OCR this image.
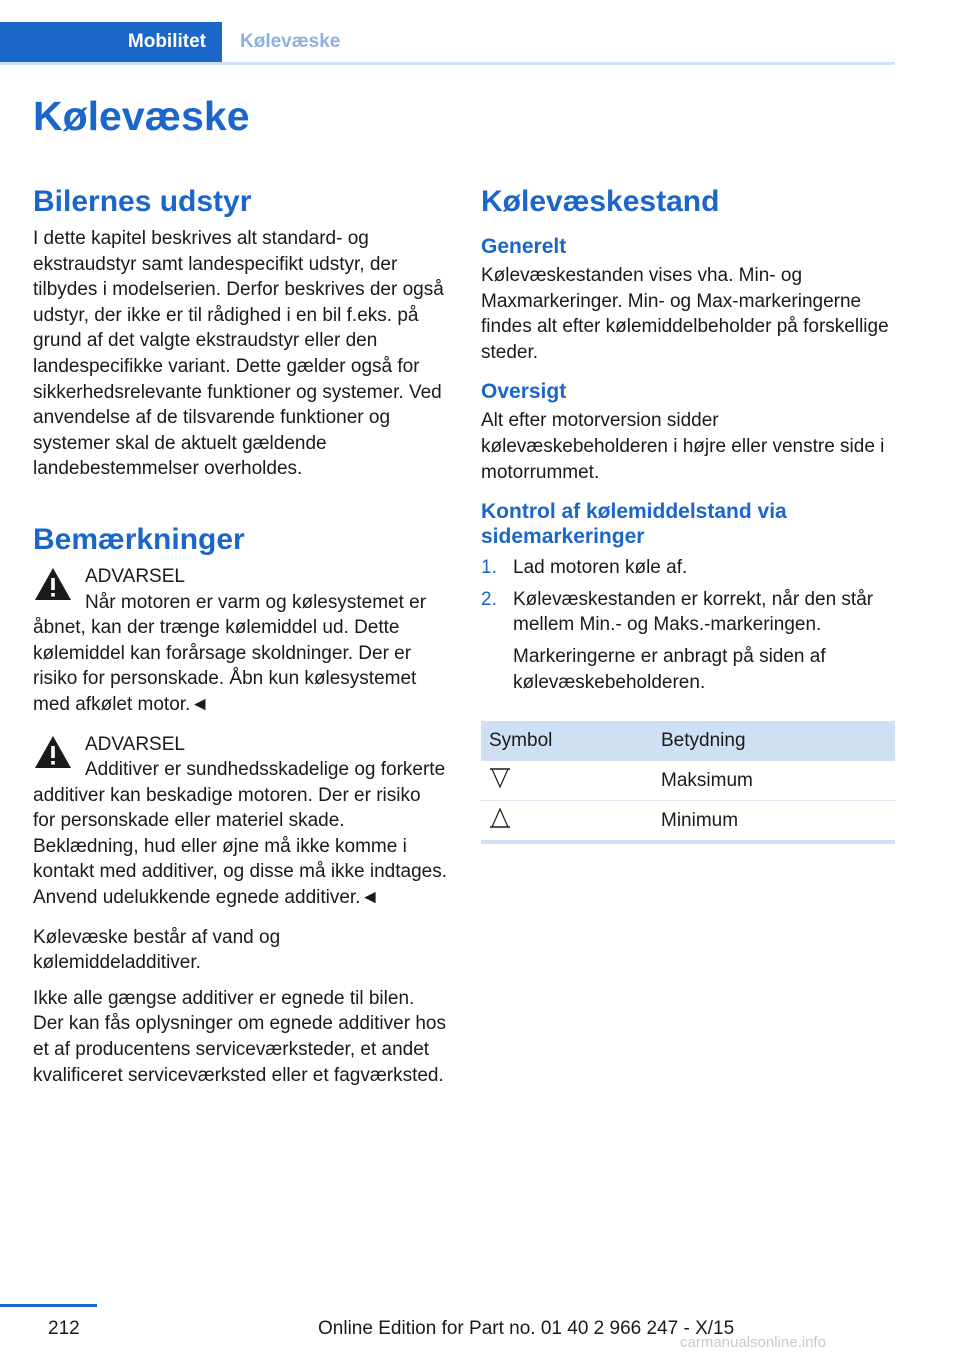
Mobilitet	Kølevæske
Kølevæske
Bilernes udstyr

I dette kapitel beskrives alt standard- og ekstraudstyr samt landespecifikt udstyr, der tilbydes i modelserien. Derfor beskrives der også udstyr, der ikke er til rådighed i en bil f.eks. på grund af det valgte ekstraudstyr eller den landespecifikke variant. Dette gælder også for sikkerhedsrelevante funktioner og systemer. Ved anvendelse af de tilsvarende funktioner og systemer skal de aktuelt gældende landebestemmelser overholdes.

Bemærkninger

ADVARSEL

Når motoren er varm og kølesystemet er åbnet, kan der trænge kølemiddel ud. Dette kølemiddel kan forårsage skoldninger. Der er risiko for personskade. Åbn kun kølesystemet med afkølet motor.◄

ADVARSEL

Additiver er sundhedsskadelige og forkerte additiver kan beskadige motoren. Der er risiko for personskade eller materiel skade. Beklædning, hud eller øjne må ikke komme i kontakt med additiver, og disse må ikke indtages. Anvend udelukkende egnede additiver.◄

Kølevæske består af vand og kølemiddeladditiver.

Ikke alle gængse additiver er egnede til bilen. Der kan fås oplysninger om egnede additiver hos et af producentens serviceværksteder, et andet kvalificeret serviceværksted eller et fagværksted.

Kølevæskestand
Generelt

Kølevæskestanden vises vha. Min- og Maxmarkeringer. Min- og Max-markeringerne findes alt efter kølemiddelbeholder på forskellige steder.

Oversigt

Alt efter motorversion sidder kølevæskebeholderen i højre eller venstre side i motorrummet.

Kontrol af kølemiddelstand via sidemarkeringer
1. Lad motoren køle af.
2. Kølevæskestanden er korrekt, når den står mellem Min.- og Maks.-markeringen.

Markeringerne er anbragt på siden af kølevæskebeholderen.

Symbol	Betydning
	Maksimum
	Minimum
212	Online Edition for Part no. 01 40 2 966 247 - X/15
carmanualsonline.info
